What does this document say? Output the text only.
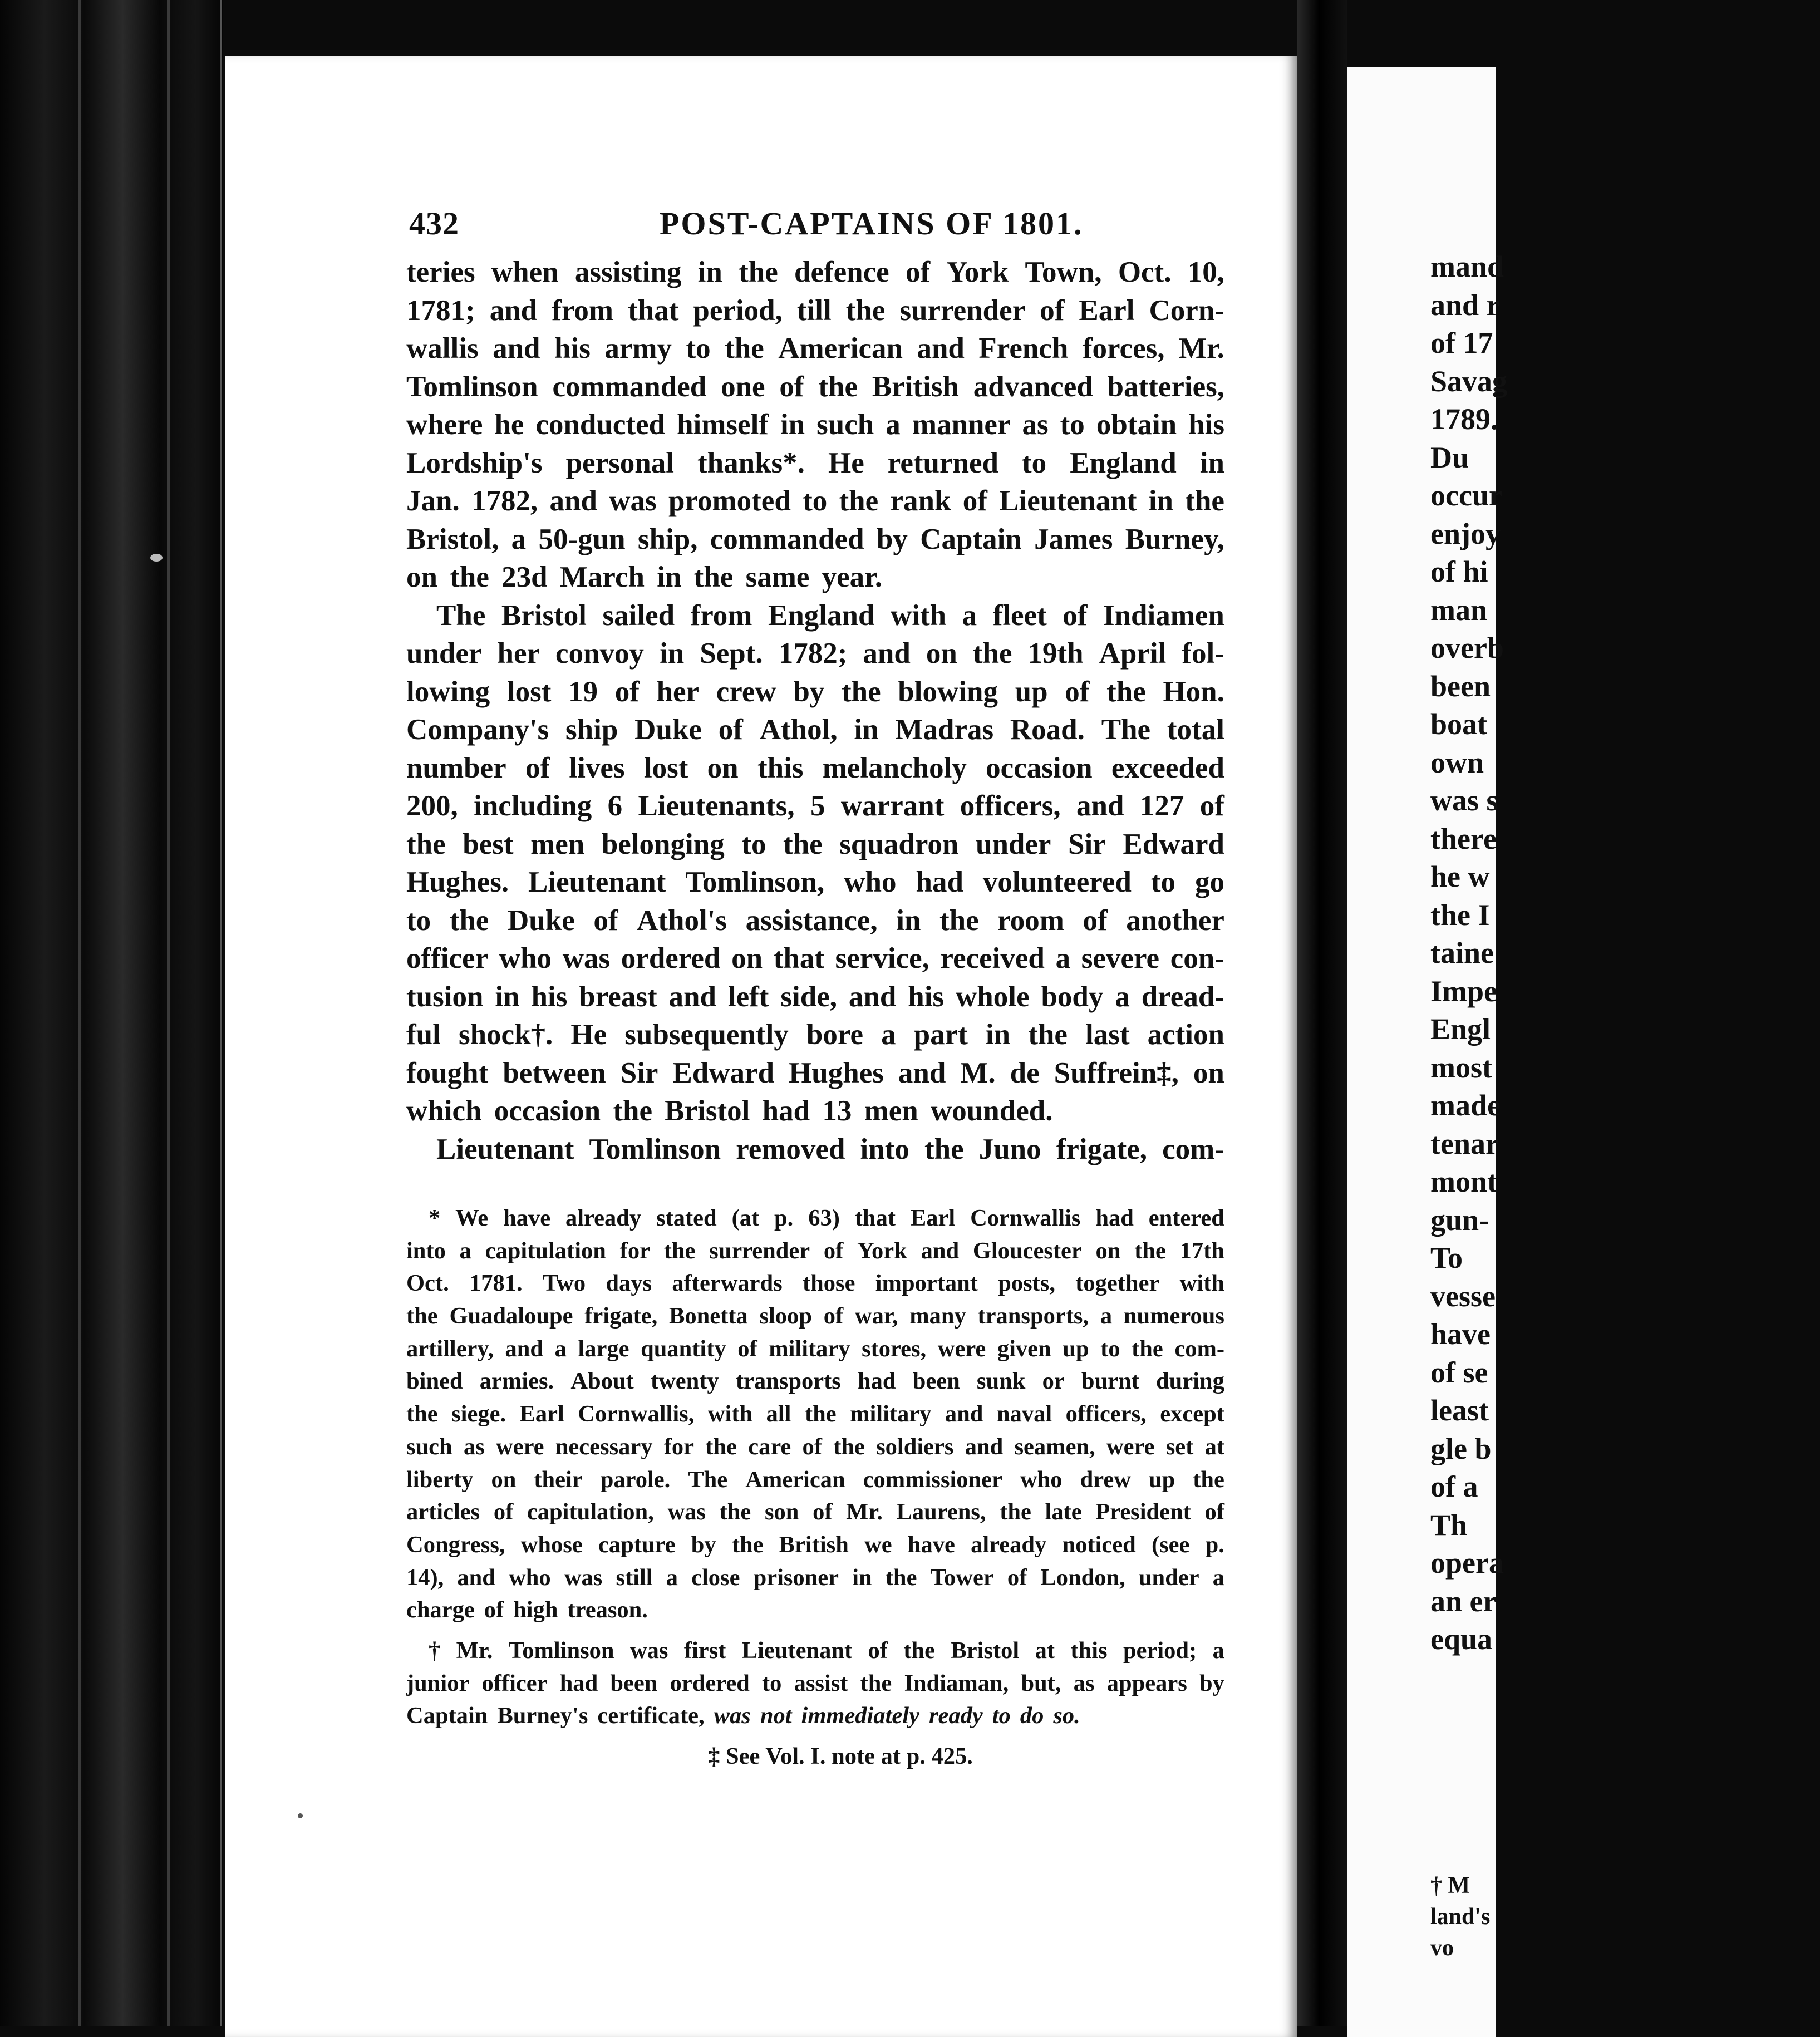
mand
and r
of 17
Savag
1789.
Du
occur
enjoy
of hi
man
overb
been
boat
own
was s
there
he w
the I
taine
Impe
Engl
most
made
tenar
mont
gun-
To
vesse
have
of se
least
gle b
of a
Th
opera
an er
equa
† M
land's
vo
432	POST-CAPTAINS OF 1801.
teries when assisting in the defence of York Town, Oct. 10,
1781; and from that period, till the surrender of Earl Corn-
wallis and his army to the American and French forces, Mr.
Tomlinson commanded one of the British advanced batteries,
where he conducted himself in such a manner as to obtain his
Lordship's personal thanks*. He returned to England in
Jan. 1782, and was promoted to the rank of Lieutenant in the
Bristol, a 50-gun ship, commanded by Captain James Burney,
on the 23d March in the same year.
The Bristol sailed from England with a fleet of Indiamen
under her convoy in Sept. 1782; and on the 19th April fol-
lowing lost 19 of her crew by the blowing up of the Hon.
Company's ship Duke of Athol, in Madras Road. The total
number of lives lost on this melancholy occasion exceeded
200, including 6 Lieutenants, 5 warrant officers, and 127 of
the best men belonging to the squadron under Sir Edward
Hughes. Lieutenant Tomlinson, who had volunteered to go
to the Duke of Athol's assistance, in the room of another
officer who was ordered on that service, received a severe con-
tusion in his breast and left side, and his whole body a dread-
ful shock†. He subsequently bore a part in the last action
fought between Sir Edward Hughes and M. de Suffrein‡, on
which occasion the Bristol had 13 men wounded.
Lieutenant Tomlinson removed into the Juno frigate, com-
* We have already stated (at p. 63) that Earl Cornwallis had entered
into a capitulation for the surrender of York and Gloucester on the 17th
Oct. 1781. Two days afterwards those important posts, together with
the Guadaloupe frigate, Bonetta sloop of war, many transports, a numerous
artillery, and a large quantity of military stores, were given up to the com-
bined armies. About twenty transports had been sunk or burnt during
the siege. Earl Cornwallis, with all the military and naval officers, except
such as were necessary for the care of the soldiers and seamen, were set at
liberty on their parole. The American commissioner who drew up the
articles of capitulation, was the son of Mr. Laurens, the late President of
Congress, whose capture by the British we have already noticed (see p.
14), and who was still a close prisoner in the Tower of London, under a
charge of high treason.
† Mr. Tomlinson was first Lieutenant of the Bristol at this period; a
junior officer had been ordered to assist the Indiaman, but, as appears by
Captain Burney's certificate, was not immediately ready to do so.
‡ See Vol. I. note at p. 425.
